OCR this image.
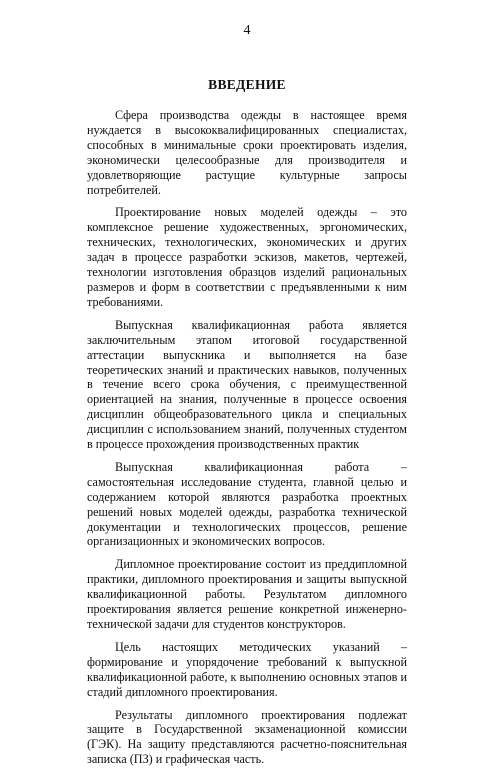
4
ВВЕДЕНИЕ

Сфера производства одежды в настоящее время нуждается в высококвалифицированных специалистах, способных в минимальные сроки проектировать изделия, экономически целесообразные для производителя и удовлетворяющие растущие культурные запросы потребителей.

Проектирование новых моделей одежды – это комплексное решение художественных, эргономических, технических, технологических, экономических и других задач в процессе разработки эскизов, макетов, чертежей, технологии изготовления образцов изделий рациональных размеров и форм в соответствии с предъявленными к ним требованиями.

Выпускная квалификационная работа является заключительным этапом итоговой государственной аттестации выпускника и выполняется на базе теоретических знаний и практических навыков, полученных в течение всего срока обучения, с преимущественной ориентацией на знания, полученные в процессе освоения дисциплин общеобразовательного цикла и специальных дисциплин с использованием знаний, полученных студентом в процессе прохождения производственных практик

Выпускная квалификационная работа – самостоятельная исследование студента, главной целью и содержанием которой являются разработка проектных решений новых моделей одежды, разработка технической документации и технологических процессов, решение организационных и экономических вопросов.

Дипломное проектирование состоит из преддипломной практики, дипломного проектирования и защиты выпускной квалификационной работы. Результатом дипломного проектирования является решение конкретной инженерно-технической задачи для студентов конструкторов.

Цель настоящих методических указаний – формирование и упорядочение требований к выпускной квалификационной работе, к выполнению основных этапов и стадий дипломного проектирования.

Результаты дипломного проектирования подлежат защите в Государственной экзаменационной комиссии (ГЭК). На защиту представляются расчетно-пояснительная записка (ПЗ) и графическая часть.
